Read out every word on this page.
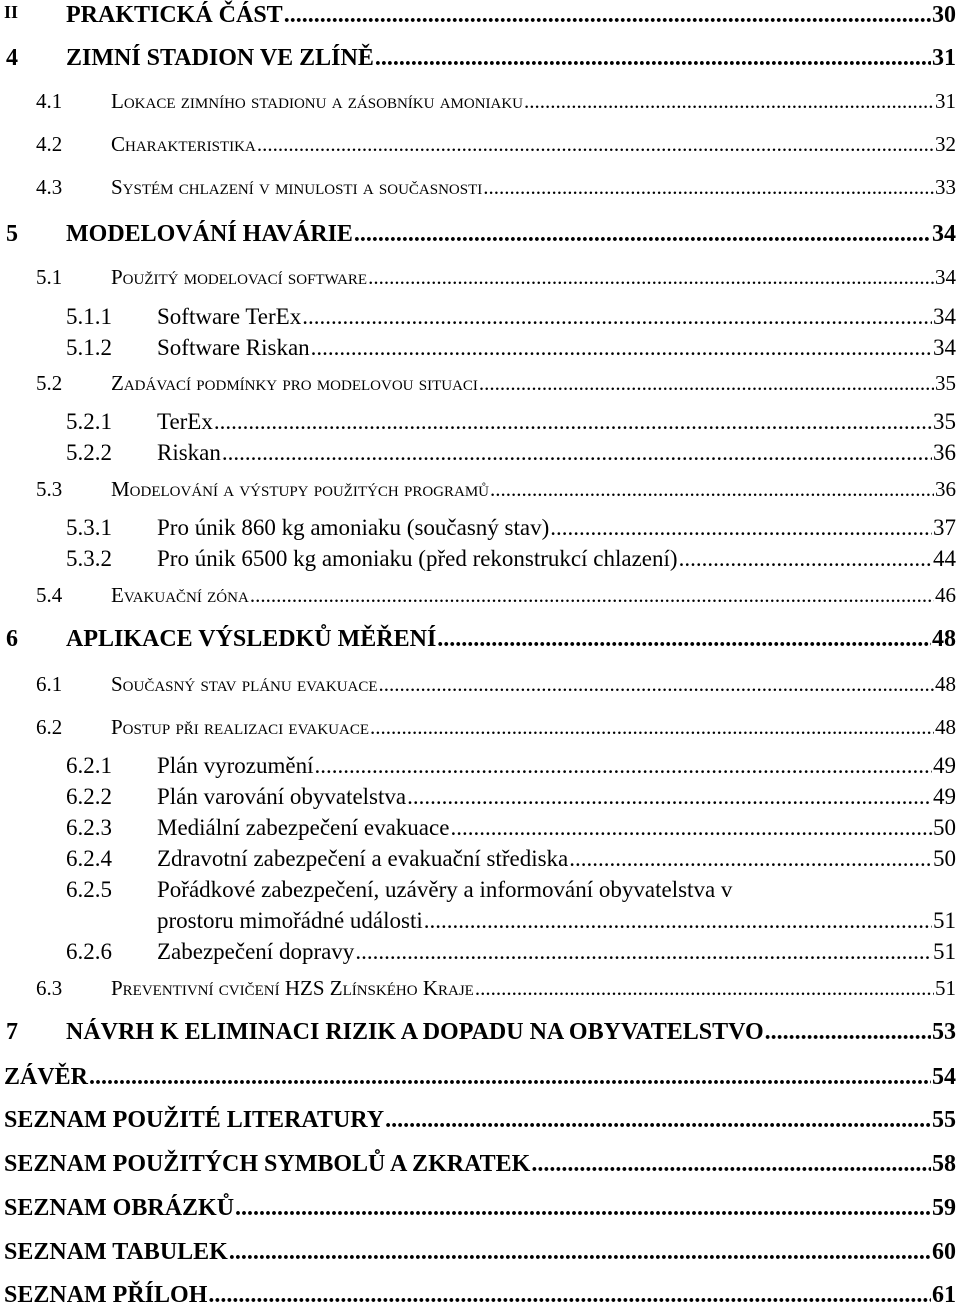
II PRAKTICKÁ ČÁST .....	30
4 ZIMNÍ STADION VE ZLÍNĚ .....	31
4.1 Lokace zimního stadionu a zásobníku amoniaku .....	31
4.2 Charakteristika .....	32
4.3 Systém chlazení v minulosti a současnosti .....	33
5 MODELOVÁNÍ HAVÁRIE .....	34
5.1 Použitý modelovací software .....	34
5.1.1 Software TerEx .....	34
5.1.2 Software Riskan .....	34
5.2 Zadávací podmínky pro modelovou situaci .....	35
5.2.1 TerEx .....	35
5.2.2 Riskan .....	36
5.3 Modelování a výstupy použitých programů .....	36
5.3.1 Pro únik 860 kg amoniaku (současný stav) .....	37
5.3.2 Pro únik 6500 kg amoniaku (před rekonstrukcí chlazení) .....	44
5.4 Evakuační zóna .....	46
6 APLIKACE VÝSLEDKŮ MĚŘENÍ .....	48
6.1 Současný stav plánu evakuace .....	48
6.2 Postup při realizaci evakuace .....	48
6.2.1 Plán vyrozumění .....	49
6.2.2 Plán varování obyvatelstva .....	49
6.2.3 Mediální zabezpečení evakuace .....	50
6.2.4 Zdravotní zabezpečení a evakuační střediska .....	50
6.2.5 Pořádkové zabezpečení, uzávěry a informování obyvatelstva v
prostoru mimořádné události .....	51
6.2.6 Zabezpečení dopravy .....	51
6.3 Preventivní cvičení HZS Zlínského Kraje .....	51
7 NÁVRH K ELIMINACI RIZIK A DOPADU NA OBYVATELSTVO .....	53
ZÁVĚR .....	54
SEZNAM POUŽITÉ LITERATURY .....	55
SEZNAM POUŽITÝCH SYMBOLŮ A ZKRATEK .....	58
SEZNAM OBRÁZKŮ .....	59
SEZNAM TABULEK .....	60
SEZNAM PŘÍLOH .....	61
